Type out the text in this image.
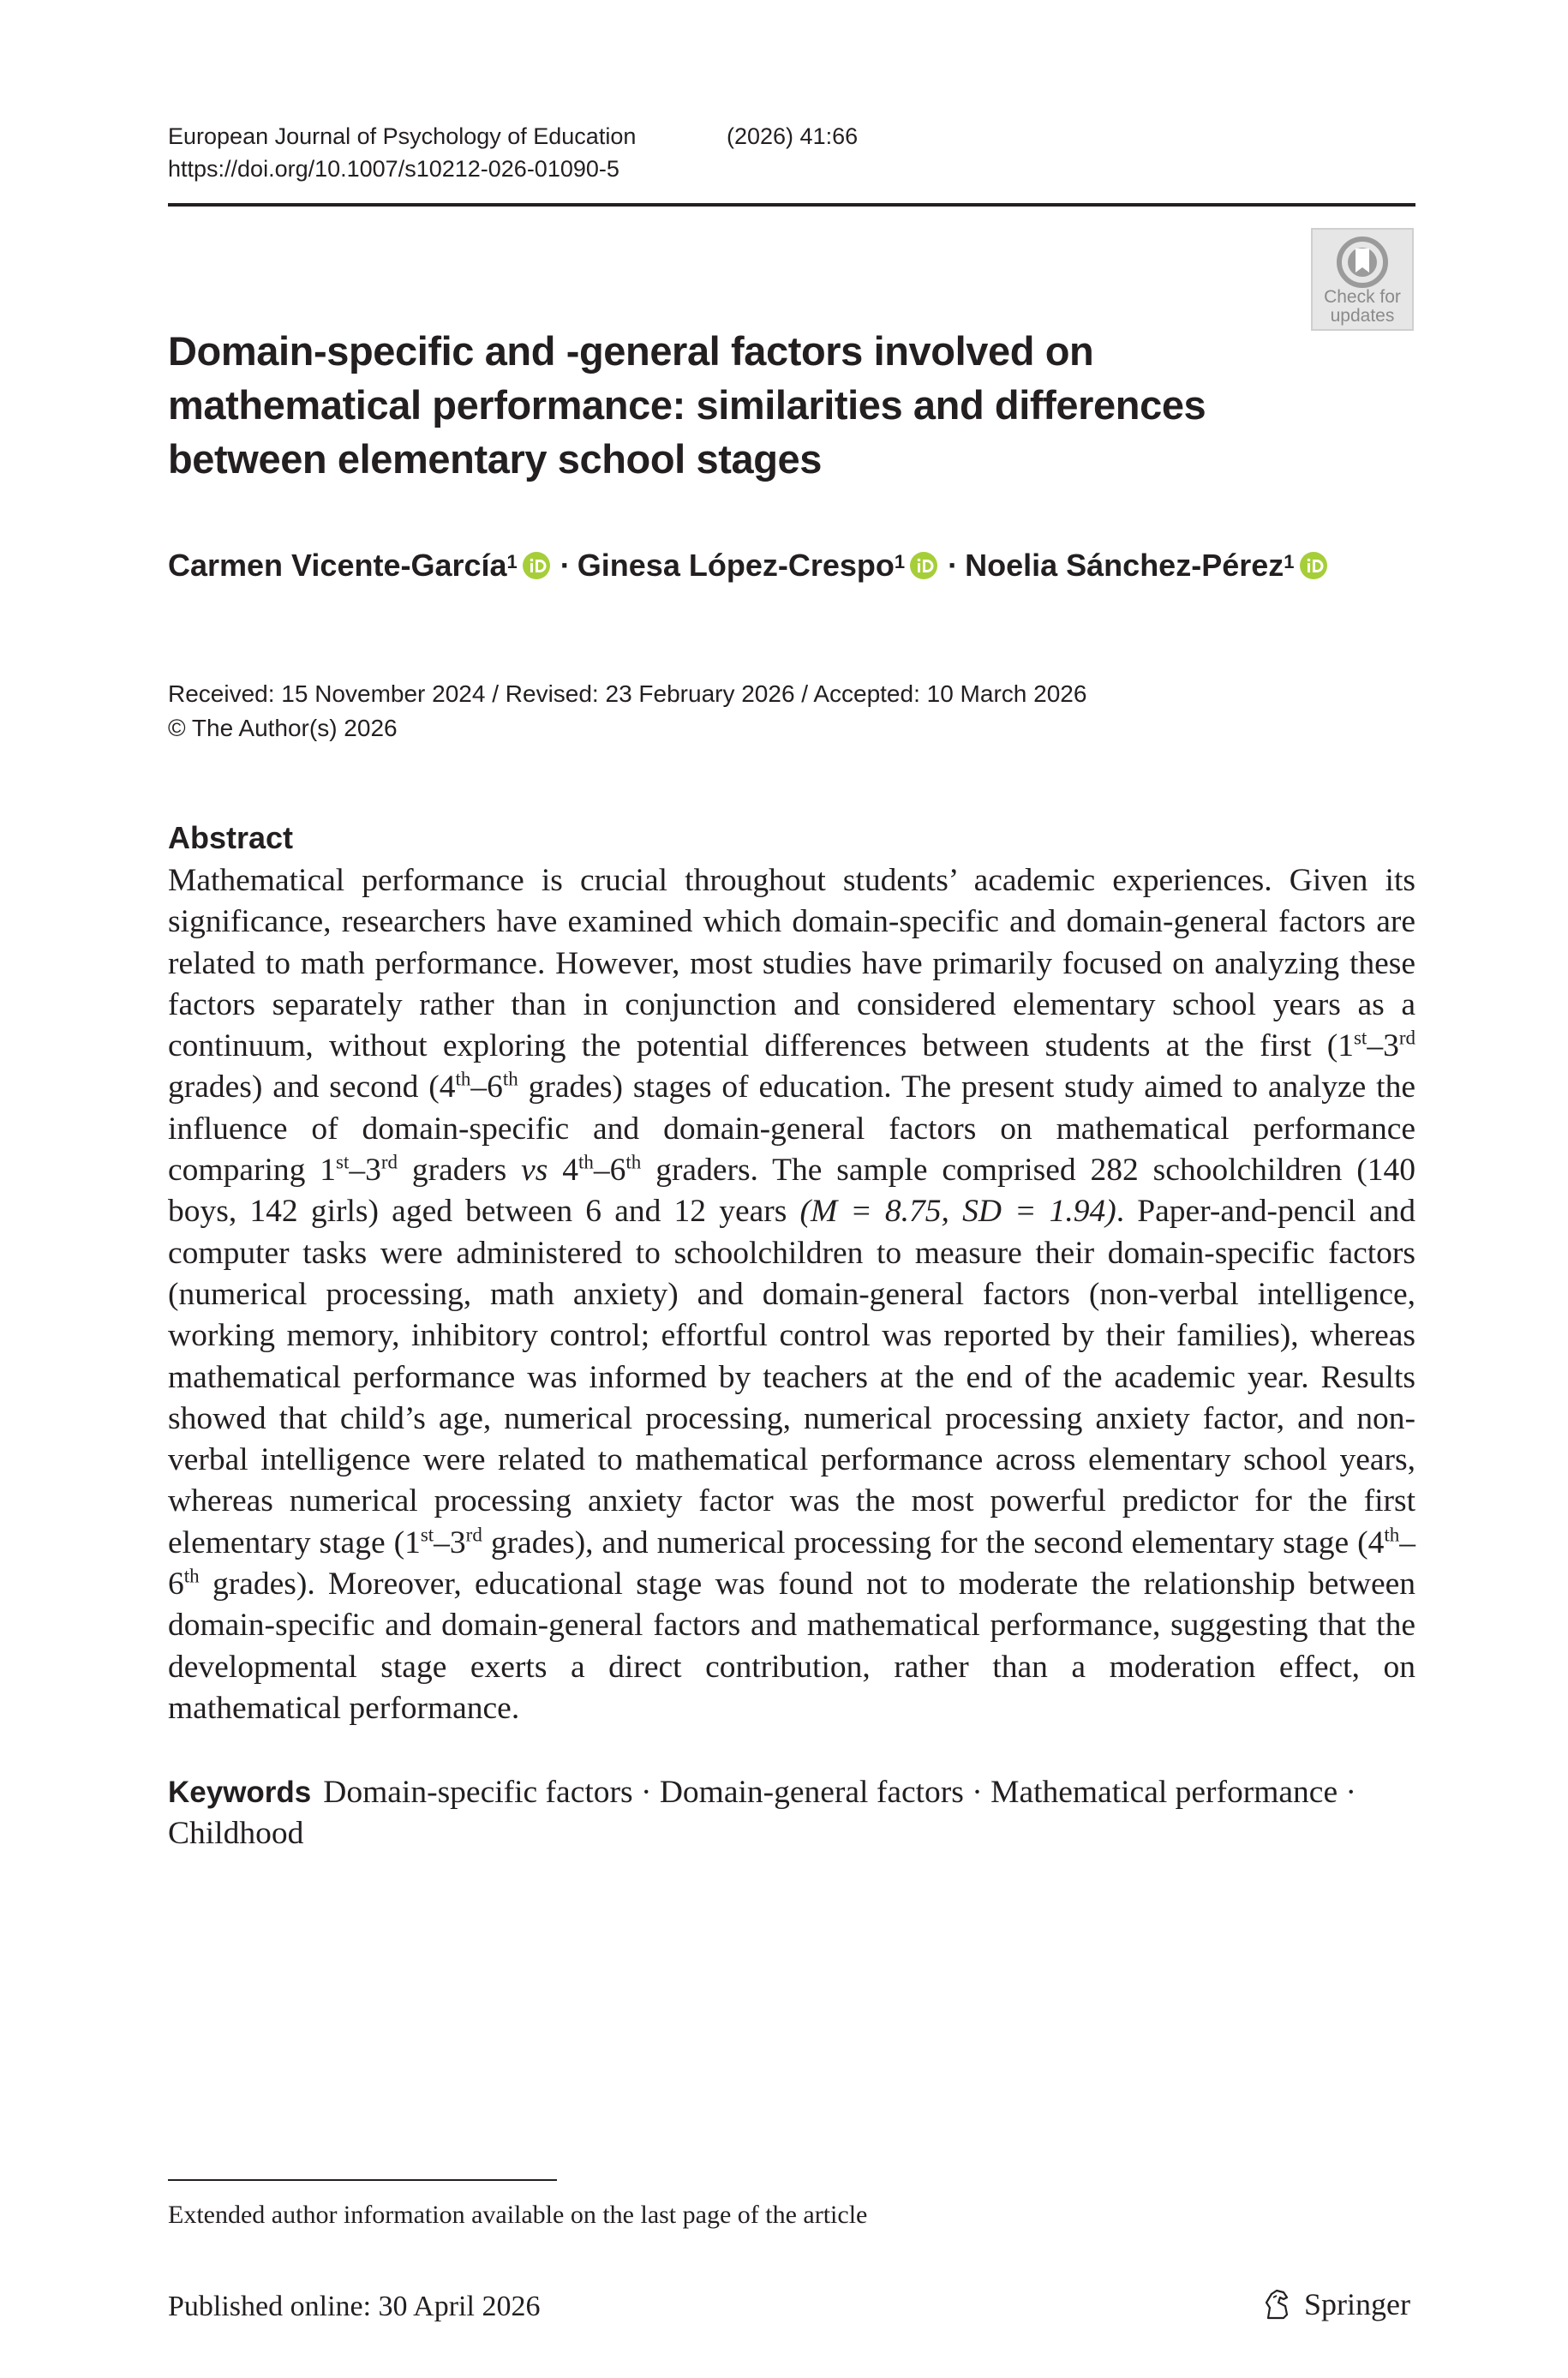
European Journal of Psychology of Education	(2026) 41:66
https://doi.org/10.1007/s10212-026-01090-5
Check for
updates
Domain‑specific and ‑general factors involved on mathematical performance: similarities and differences between elementary school stages
Carmen Vicente‑García$^1$ · Ginesa López‑Crespo$^1$ · Noelia Sánchez‑Pérez$^1$
Received: 15 November 2024 / Revised: 23 February 2026 / Accepted: 10 March 2026
© The Author(s) 2026
Abstract
Mathematical performance is crucial throughout students’ academic experiences. Given its significance, researchers have examined which domain-specific and domain-general factors are related to math performance. However, most studies have primarily focused on analyzing these factors separately rather than in conjunction and considered elementary school years as a continuum, without exploring the potential differences between students at the first (1st–3rd grades) and second (4th–6th grades) stages of education. The present study aimed to analyze the influence of domain-specific and domain-general factors on mathematical performance comparing 1st–3rd graders vs 4th–6th graders. The sample comprised 282 schoolchildren (140 boys, 142 girls) aged between 6 and 12 years (M = 8.75, SD = 1.94). Paper-and-pencil and computer tasks were administered to schoolchildren to measure their domain-specific factors (numerical processing, math anxiety) and domain-general factors (non-verbal intelligence, working memory, inhibitory control; effortful control was reported by their families), whereas mathematical performance was informed by teachers at the end of the academic year. Results showed that child’s age, numerical processing, numerical processing anxiety factor, and non-verbal intelligence were related to mathematical performance across elementary school years, whereas numerical processing anxiety factor was the most powerful predictor for the first elementary stage (1st–3rd grades), and numerical processing for the second elementary stage (4th–6th grades). Moreover, educational stage was found not to moderate the relationship between domain-specific and domain-general factors and mathematical performance, suggesting that the developmental stage exerts a direct contribution, rather than a moderation effect, on mathematical performance.
Keywords Domain‑specific factors · Domain‑general factors · Mathematical performance · Childhood
Extended author information available on the last page of the article
Published online: 30 April 2026	Springer
